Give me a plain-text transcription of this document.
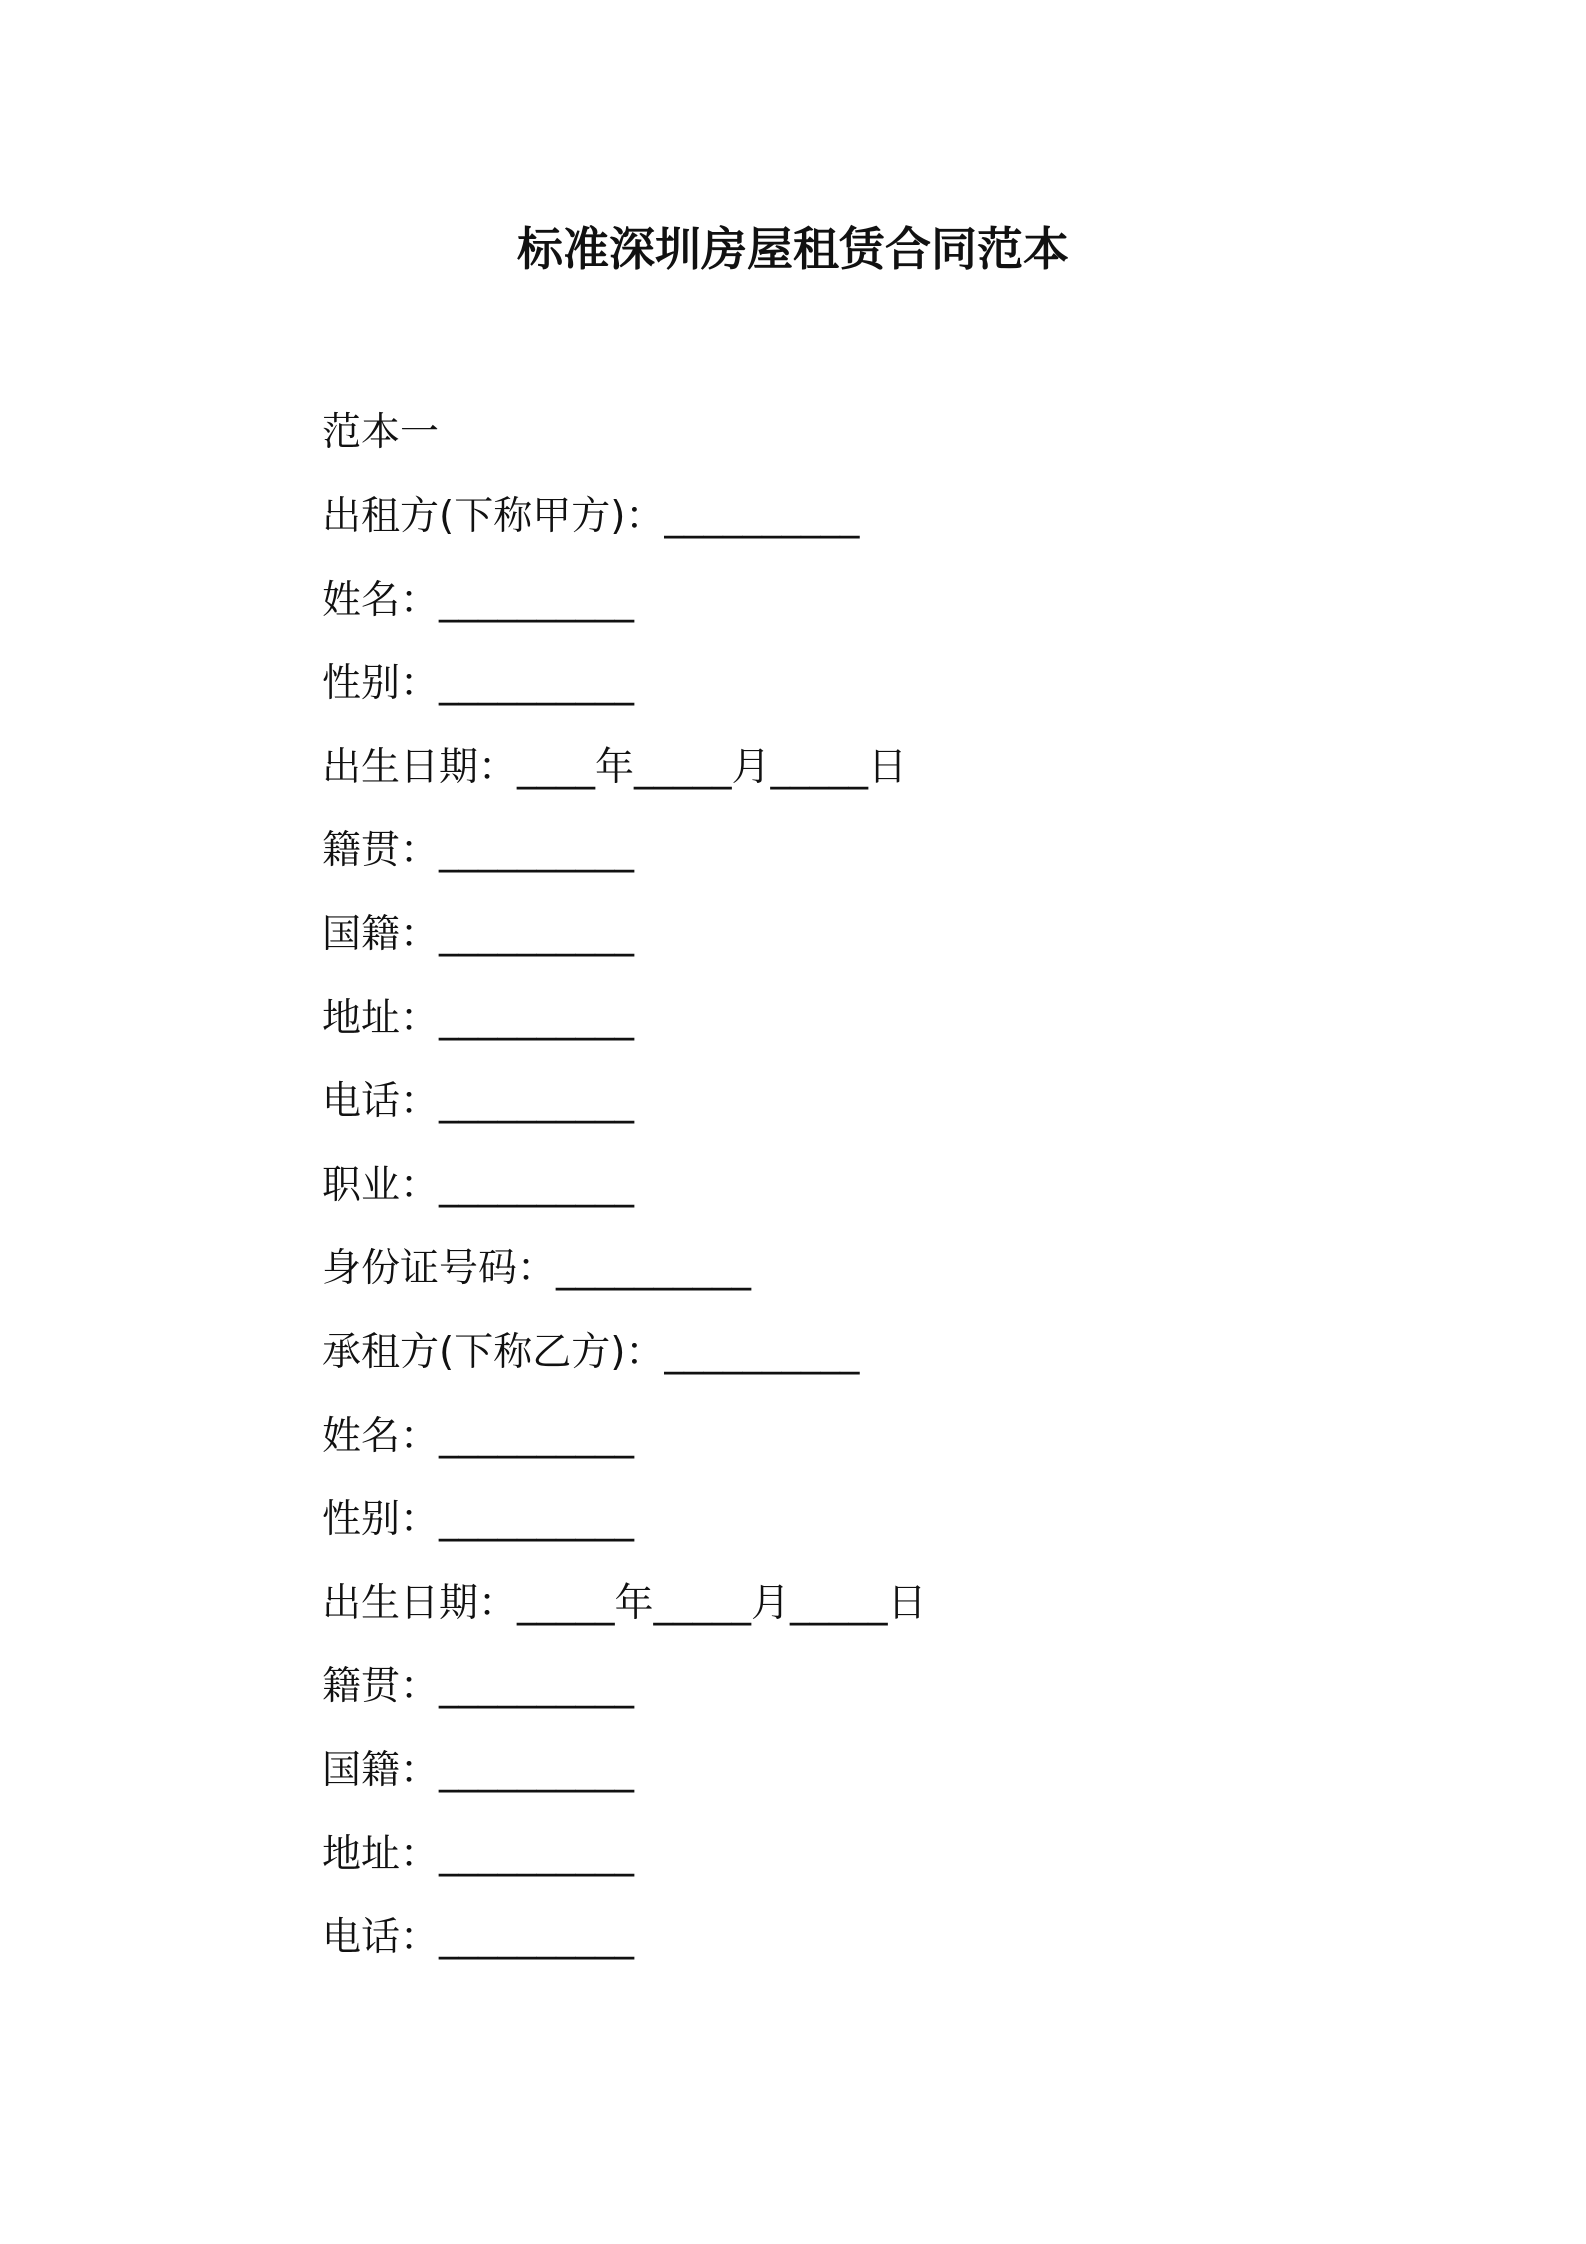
标准深圳房屋租赁合同范本
范本一
出租方(下称甲方)：__________
姓名：__________
性别：__________
出生日期：____年_____月_____日
籍贯：__________
国籍：__________
地址：__________
电话：__________
职业：__________
身份证号码：__________
承租方(下称乙方)：__________
姓名：__________
性别：__________
出生日期：_____年_____月_____日
籍贯：__________
国籍：__________
地址：__________
电话：__________
